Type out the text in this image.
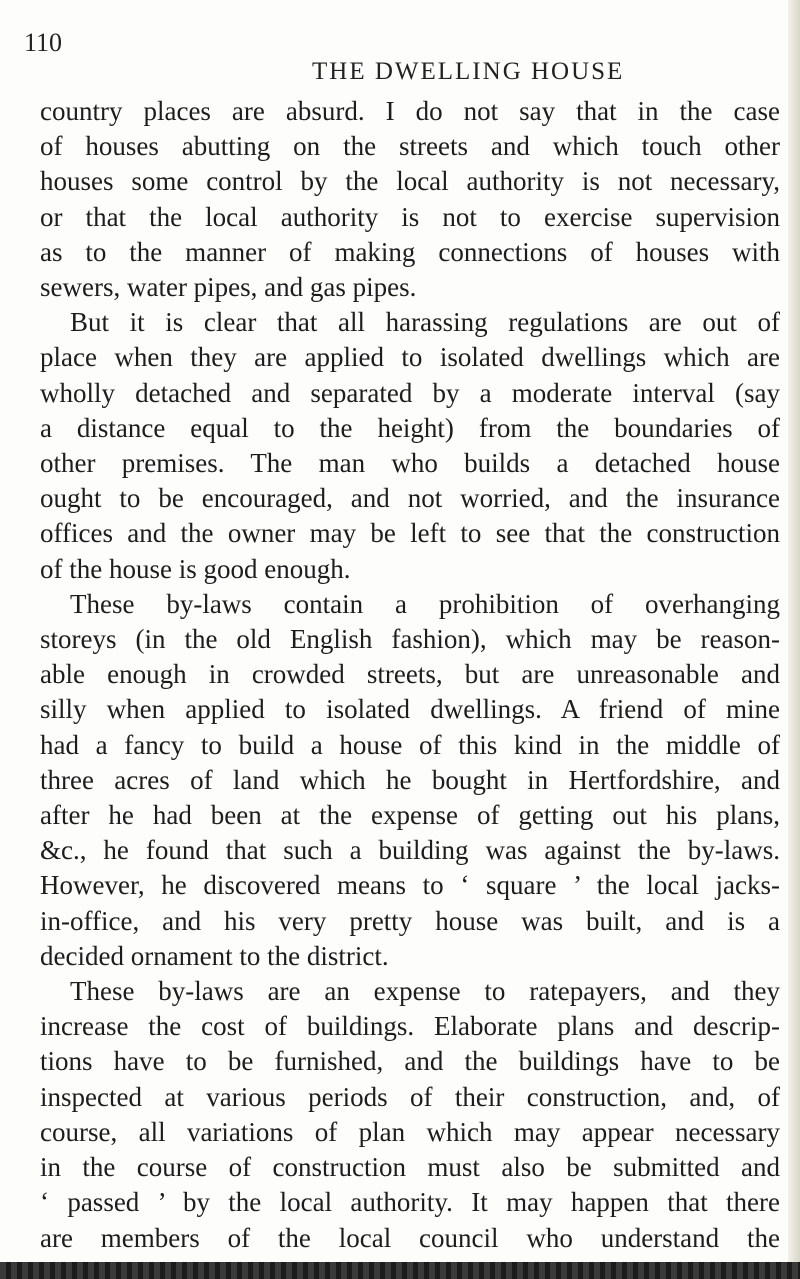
110
THE DWELLING HOUSE
country places are absurd. I do not say that in the case
of houses abutting on the streets and which touch other
houses some control by the local authority is not necessary,
or that the local authority is not to exercise supervision
as to the manner of making connections of houses with
sewers, water pipes, and gas pipes.
But it is clear that all harassing regulations are out of
place when they are applied to isolated dwellings which are
wholly detached and separated by a moderate interval (say
a distance equal to the height) from the boundaries of
other premises. The man who builds a detached house
ought to be encouraged, and not worried, and the insurance
offices and the owner may be left to see that the construction
of the house is good enough.
These by-laws contain a prohibition of overhanging
storeys (in the old English fashion), which may be reason-
able enough in crowded streets, but are unreasonable and
silly when applied to isolated dwellings. A friend of mine
had a fancy to build a house of this kind in the middle of
three acres of land which he bought in Hertfordshire, and
after he had been at the expense of getting out his plans,
&c., he found that such a building was against the by-laws.
However, he discovered means to ‘ square ’ the local jacks-
in-office, and his very pretty house was built, and is a
decided ornament to the district.
These by-laws are an expense to ratepayers, and they
increase the cost of buildings. Elaborate plans and descrip-
tions have to be furnished, and the buildings have to be
inspected at various periods of their construction, and, of
course, all variations of plan which may appear necessary
in the course of construction must also be submitted and
‘ passed ’ by the local authority. It may happen that there
are members of the local council who understand the
